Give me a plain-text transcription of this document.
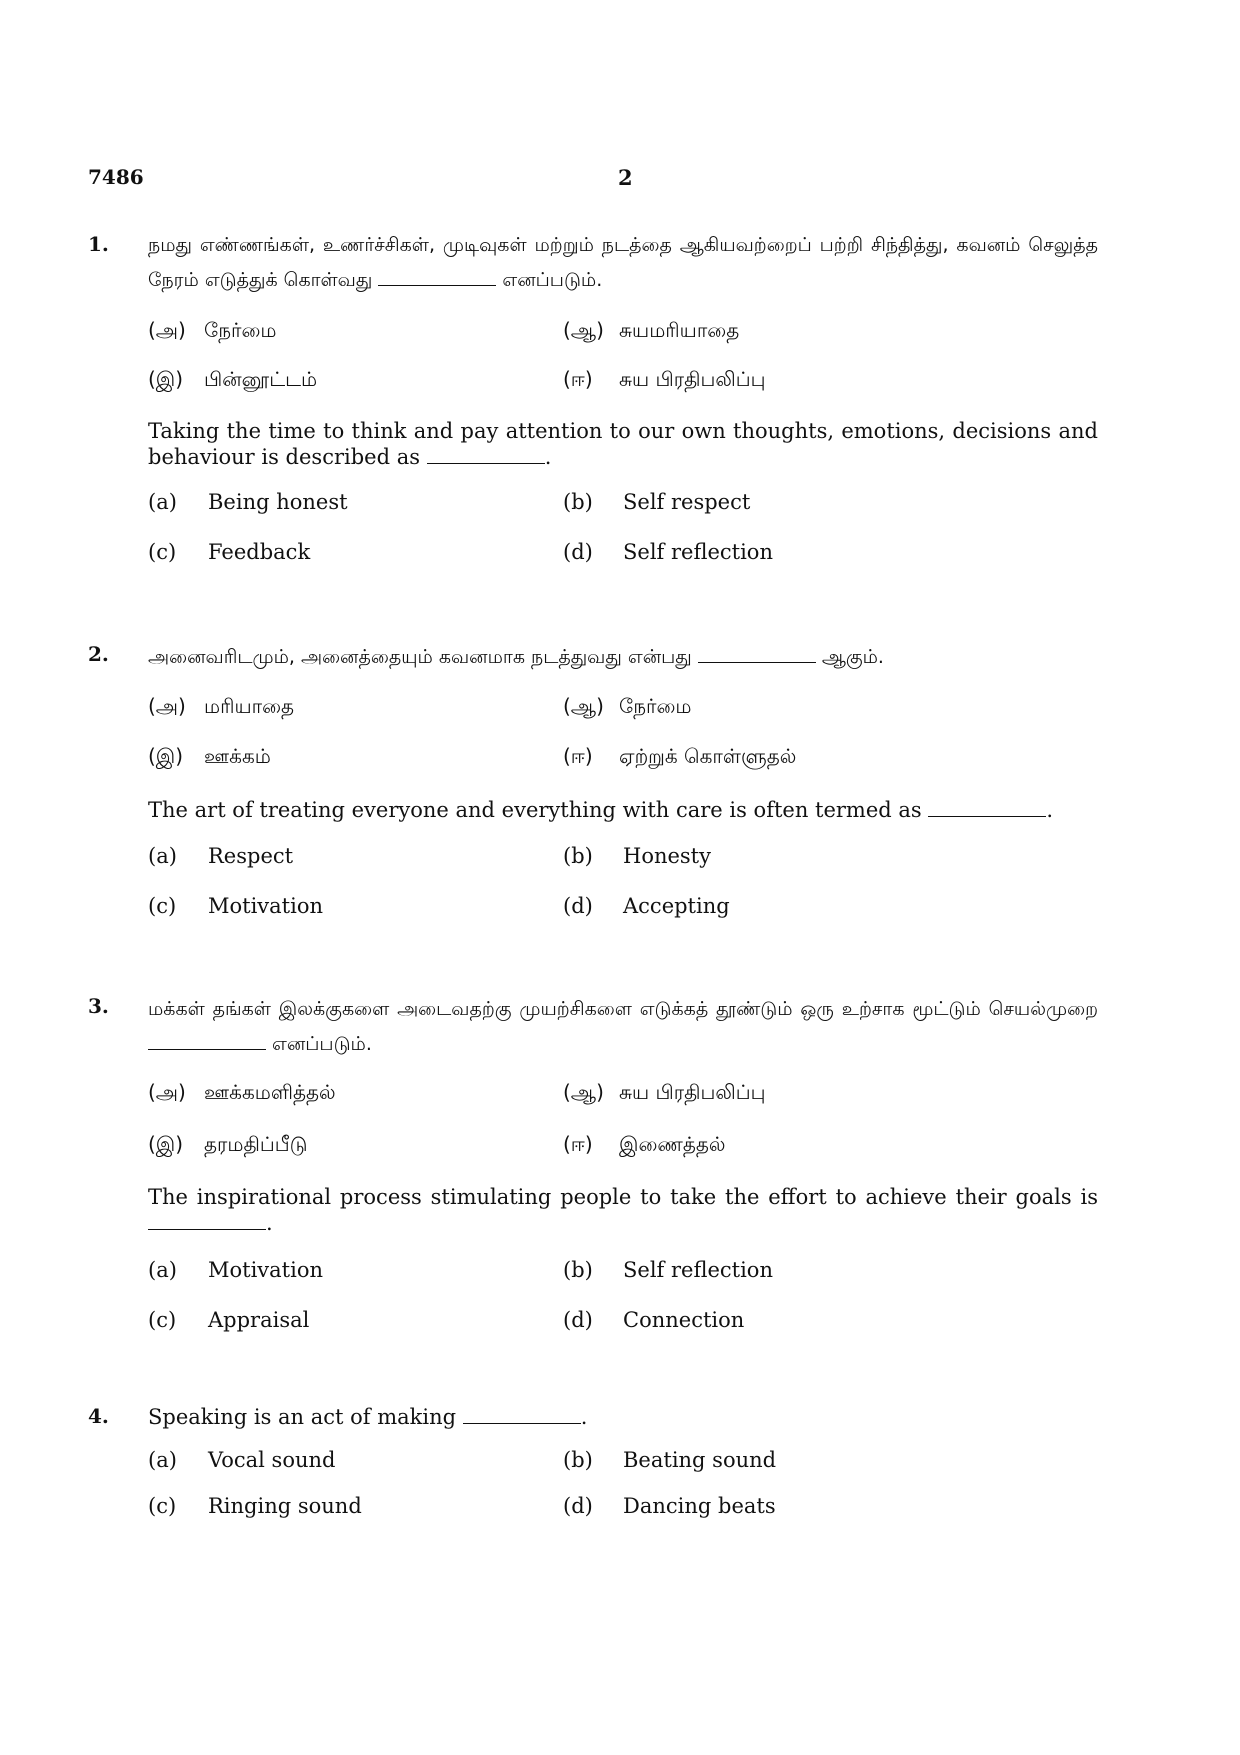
7486	2
1. நமது எண்ணங்கள், உணர்ச்சிகள், முடிவுகள் மற்றும் நடத்தை ஆகியவற்றைப் பற்றி சிந்தித்து, கவனம் செலுத்த நேரம் எடுத்துக் கொள்வது	எனப்படும்.
(அ) நேர்மை	(ஆ) சுயமரியாதை
(இ) பின்னூட்டம்	(ஈ) சுய பிரதிபலிப்பு
Taking the time to think and pay attention to our own thoughts, emotions, decisions and behaviour is described as	.
(a) Being honest	(b) Self respect
(c) Feedback	(d) Self reflection
2. அனைவரிடமும், அனைத்தையும் கவனமாக நடத்துவது என்பது	ஆகும்.
(அ) மரியாதை	(ஆ) நேர்மை
(இ) ஊக்கம்	(ஈ) ஏற்றுக் கொள்ளுதல்
The art of treating everyone and everything with care is often termed as	.
(a) Respect	(b) Honesty
(c) Motivation	(d) Accepting
3. மக்கள் தங்கள் இலக்குகளை அடைவதற்கு முயற்சிகளை எடுக்கத் தூண்டும் ஒரு உற்சாக மூட்டும் செயல்முறை  எனப்படும்.
(அ) ஊக்கமளித்தல்	(ஆ) சுய பிரதிபலிப்பு
(இ) தரமதிப்பீடு	(ஈ) இணைத்தல்
The inspirational process stimulating people to take the effort to achieve their goals is .
(a) Motivation	(b) Self reflection
(c) Appraisal	(d) Connection
4. Speaking is an act of making	.
(a) Vocal sound	(b) Beating sound
(c) Ringing sound	(d) Dancing beats
